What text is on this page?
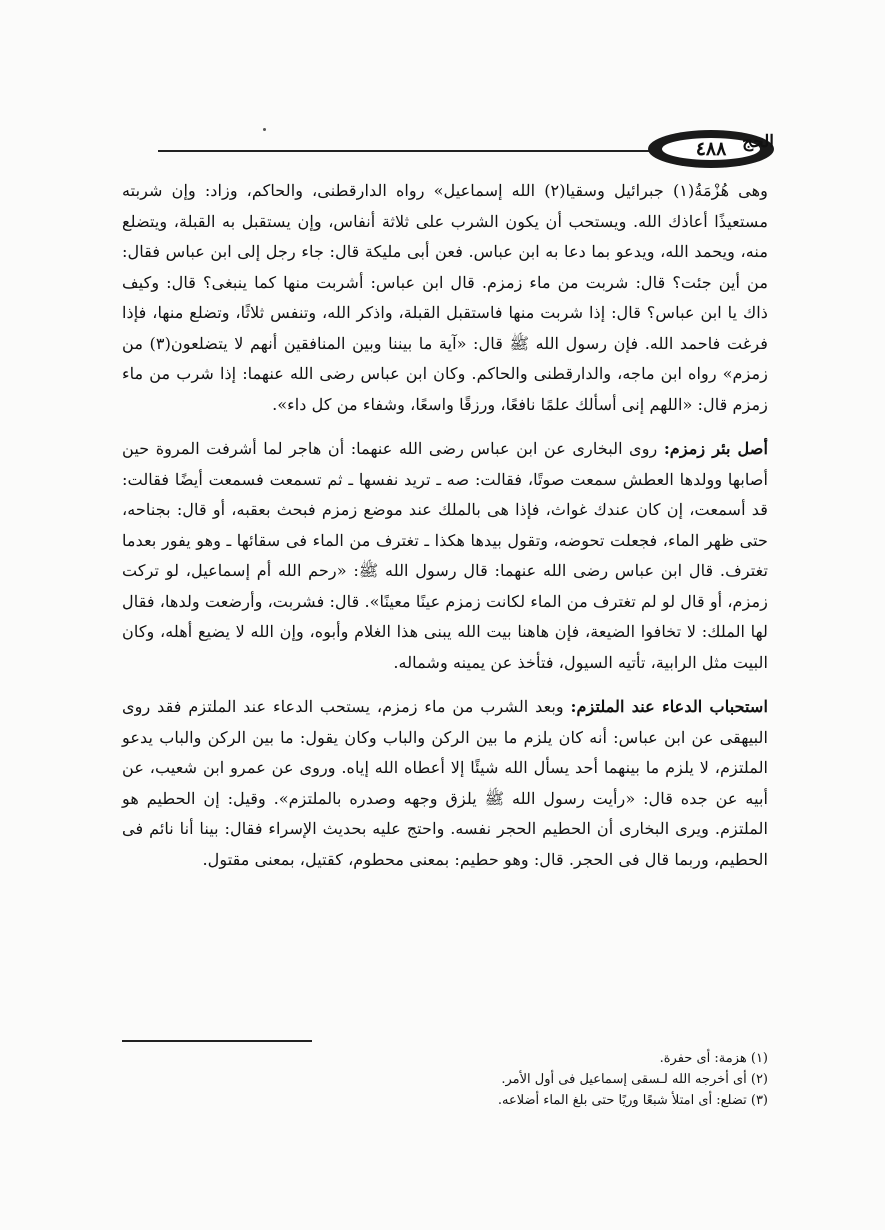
٤٨٨ الحج

وهى هُزْمَةُ(١) جبرائيل وسقيا(٢) الله إسماعيل» رواه الدارقطنى، والحاكم، وزاد: وإن شربته مستعيذًا أعاذك الله. ويستحب أن يكون الشرب على ثلاثة أنفاس، وإن يستقبل به القبلة، ويتضلع منه، ويحمد الله، ويدعو بما دعا به ابن عباس. فعن أبى مليكة قال: جاء رجل إلى ابن عباس فقال: من أين جئت؟ قال: شربت من ماء زمزم. قال ابن عباس: أشربت منها كما ينبغى؟ قال: وكيف ذاك يا ابن عباس؟ قال: إذا شربت منها فاستقبل القبلة، واذكر الله، وتنفس ثلاثًا، وتضلع منها، فإذا فرغت فاحمد الله. فإن رسول الله ﷺ قال: «آية ما بيننا وبين المنافقين أنهم لا يتضلعون(٣) من زمزم» رواه ابن ماجه، والدارقطنى والحاكم. وكان ابن عباس رضى الله عنهما: إذا شرب من ماء زمزم قال: «اللهم إنى أسألك علمًا نافعًا، ورزقًا واسعًا، وشفاء من كل داء».

أصل بئر زمزم: روى البخارى عن ابن عباس رضى الله عنهما: أن هاجر لما أشرفت المروة حين أصابها وولدها العطش سمعت صوتًا، فقالت: صه ـ تريد نفسها ـ ثم تسمعت فسمعت أيضًا فقالت: قد أسمعت، إن كان عندك غواث، فإذا هى بالملك عند موضع زمزم فبحث بعقبه، أو قال: بجناحه، حتى ظهر الماء، فجعلت تحوضه، وتقول بيدها هكذا ـ تغترف من الماء فى سقائها ـ وهو يفور بعدما تغترف. قال ابن عباس رضى الله عنهما: قال رسول الله ﷺ: «رحم الله أم إسماعيل، لو تركت زمزم، أو قال لو لم تغترف من الماء لكانت زمزم عينًا معينًا». قال: فشربت، وأرضعت ولدها، فقال لها الملك: لا تخافوا الضيعة، فإن هاهنا بيت الله يبنى هذا الغلام وأبوه، وإن الله لا يضيع أهله، وكان البيت مثل الرابية، تأتيه السيول، فتأخذ عن يمينه وشماله.

استحباب الدعاء عند الملتزم: وبعد الشرب من ماء زمزم، يستحب الدعاء عند الملتزم فقد روى البيهقى عن ابن عباس: أنه كان يلزم ما بين الركن والباب وكان يقول: ما بين الركن والباب يدعو الملتزم، لا يلزم ما بينهما أحد يسأل الله شيئًا إلا أعطاه الله إياه. وروى عن عمرو ابن شعيب، عن أبيه عن جده قال: «رأيت رسول الله ﷺ يلزق وجهه وصدره بالملتزم». وقيل: إن الحطيم هو الملتزم. ويرى البخارى أن الحطيم الحجر نفسه. واحتج عليه بحديث الإسراء فقال: بينا أنا نائم فى الحطيم، وربما قال فى الحجر. قال: وهو حطيم: بمعنى محطوم، كقتيل، بمعنى مقتول.

(١) هزمة: أى حفرة.

(٢) أى أخرجه الله لـسقى إسماعيل فى أول الأمر.

(٣) تضلع: أى امتلأ شبعًا وريًا حتى بلغ الماء أضلاعه.
